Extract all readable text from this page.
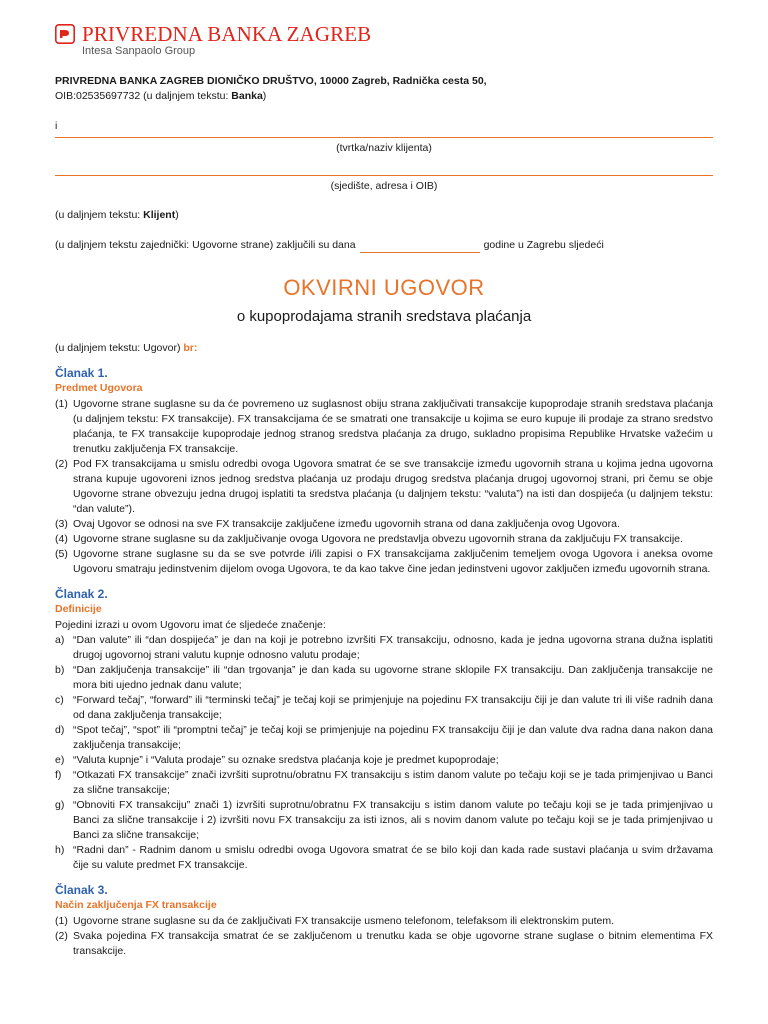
PRIVREDNA BANKA ZAGREB
Intesa Sanpaolo Group

PRIVREDNA BANKA ZAGREB DIONIČKO DRUŠTVO, 10000 Zagreb, Radnička cesta 50,

OIB:02535697732 (u daljnjem tekstu: Banka)

i

(tvrtka/naziv klijenta)
(sjedište, adresa i OIB)

(u daljnjem tekstu: Klijent)

(u daljnjem tekstu zajednički: Ugovorne strane) zaključili su dana	godine u Zagrebu sljedeći

OKVIRNI UGOVOR
o kupoprodajama stranih sredstava plaćanja

(u daljnjem tekstu: Ugovor) br:

Članak 1.
Predmet Ugovora
(1) Ugovorne strane suglasne su da će povremeno uz suglasnost obiju strana zaključivati transakcije kupoprodaje stranih sredstava plaćanja (u daljnjem tekstu: FX transakcije). FX transakcijama će se smatrati one transakcije u kojima se euro kupuje ili prodaje za strano sredstvo plaćanja, te FX transakcije kupoprodaje jednog stranog sredstva plaćanja za drugo, sukladno propisima Republike Hrvatske važećim u trenutku zaključenja FX transakcije.
(2) Pod FX transakcijama u smislu odredbi ovoga Ugovora smatrat će se sve transakcije između ugovornih strana u kojima jedna ugovorna strana kupuje ugovoreni iznos jednog sredstva plaćanja uz prodaju drugog sredstva plaćanja drugoj ugovornoj strani, pri čemu se obje Ugovorne strane obvezuju jedna drugoj isplatiti ta sredstva plaćanja (u daljnjem tekstu: “valuta”) na isti dan dospijeća (u daljnjem tekstu: “dan valute”).
(3) Ovaj Ugovor se odnosi na sve FX transakcije zaključene između ugovornih strana od dana zaključenja ovog Ugovora.
(4) Ugovorne strane suglasne su da zaključivanje ovoga Ugovora ne predstavlja obvezu ugovornih strana da zaključuju FX transakcije.
(5) Ugovorne strane suglasne su da se sve potvrde i/ili zapisi o FX transakcijama zaključenim temeljem ovoga Ugovora i aneksa ovome Ugovoru smatraju jedinstvenim dijelom ovoga Ugovora, te da kao takve čine jedan jedinstveni ugovor zaključen između ugovornih strana.
Članak 2.
Definicije

Pojedini izrazi u ovom Ugovoru imat će sljedeće značenje:

a) “Dan valute” ili “dan dospijeća” je dan na koji je potrebno izvršiti FX transakciju, odnosno, kada je jedna ugovorna strana dužna isplatiti drugoj ugovornoj strani valutu kupnje odnosno valutu prodaje;
b) “Dan zaključenja transakcije” ili “dan trgovanja” je dan kada su ugovorne strane sklopile FX transakciju. Dan zaključenja transakcije ne mora biti ujedno jednak danu valute;
c) “Forward tečaj”, “forward” ili “terminski tečaj” je tečaj koji se primjenjuje na pojedinu FX transakciju čiji je dan valute tri ili više radnih dana od dana zaključenja transakcije;
d) “Spot tečaj”, “spot” ili “promptni tečaj” je tečaj koji se primjenjuje na pojedinu FX transakciju čiji je dan valute dva radna dana nakon dana zaključenja transakcije;
e) “Valuta kupnje” i “Valuta prodaje” su oznake sredstva plaćanja koje je predmet kupoprodaje;
f)	“Otkazati FX transakcije” znači izvršiti suprotnu/obratnu FX transakciju s istim danom valute po tečaju koji se je tada primjenjivao u Banci za slične transakcije;
g) “Obnoviti FX transakciju” znači 1) izvršiti suprotnu/obratnu FX transakciju s istim danom valute po tečaju koji se je tada primjenjivao u Banci za slične transakcije i 2) izvršiti novu FX transakciju za isti iznos, ali s novim danom valute po tečaju koji se je tada primjenjivao u Banci za slične transakcije;
h) “Radni dan” - Radnim danom u smislu odredbi ovoga Ugovora smatrat će se bilo koji dan kada rade sustavi plaćanja u svim državama čije su valute predmet FX transakcije.
Članak 3.
Način zaključenja FX transakcije
(1) Ugovorne strane suglasne su da će zaključivati FX transakcije usmeno telefonom, telefaksom ili elektronskim putem.
(2) Svaka pojedina FX transakcija smatrat će se zaključenom u trenutku kada se obje ugovorne strane suglase o bitnim elementima FX transakcije.
